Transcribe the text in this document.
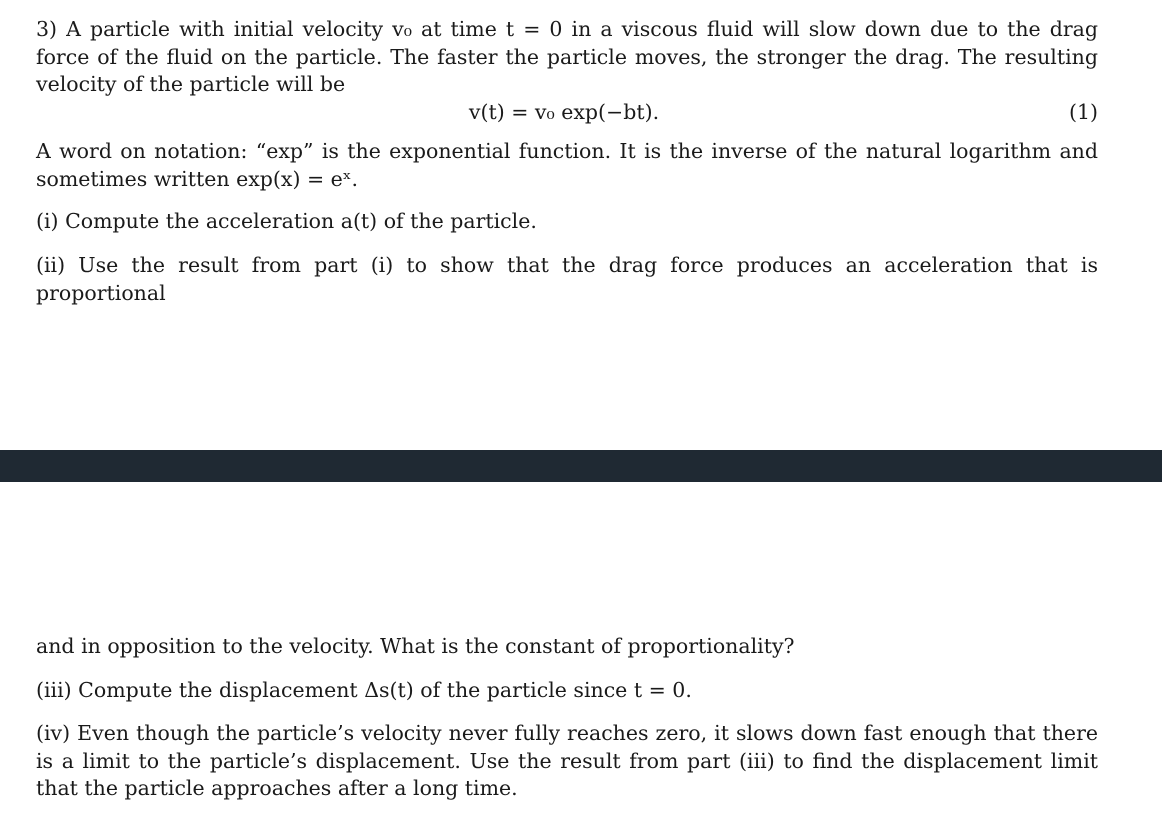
3) A particle with initial velocity v₀ at time t = 0 in a viscous fluid will slow down due to the drag force of the fluid on the particle. The faster the particle moves, the stronger the drag. The resulting velocity of the particle will be

v(t) = v₀ exp(−bt).	(1)

A word on notation: “exp” is the exponential function. It is the inverse of the natural logarithm and sometimes written exp(x) = eˣ.

(i) Compute the acceleration a(t) of the particle.

(ii) Use the result from part (i) to show that the drag force produces an acceleration that is proportional

and in opposition to the velocity. What is the constant of proportionality?

(iii) Compute the displacement Δs(t) of the particle since t = 0.

(iv) Even though the particle’s velocity never fully reaches zero, it slows down fast enough that there is a limit to the particle’s displacement. Use the result from part (iii) to find the displacement limit that the particle approaches after a long time.
